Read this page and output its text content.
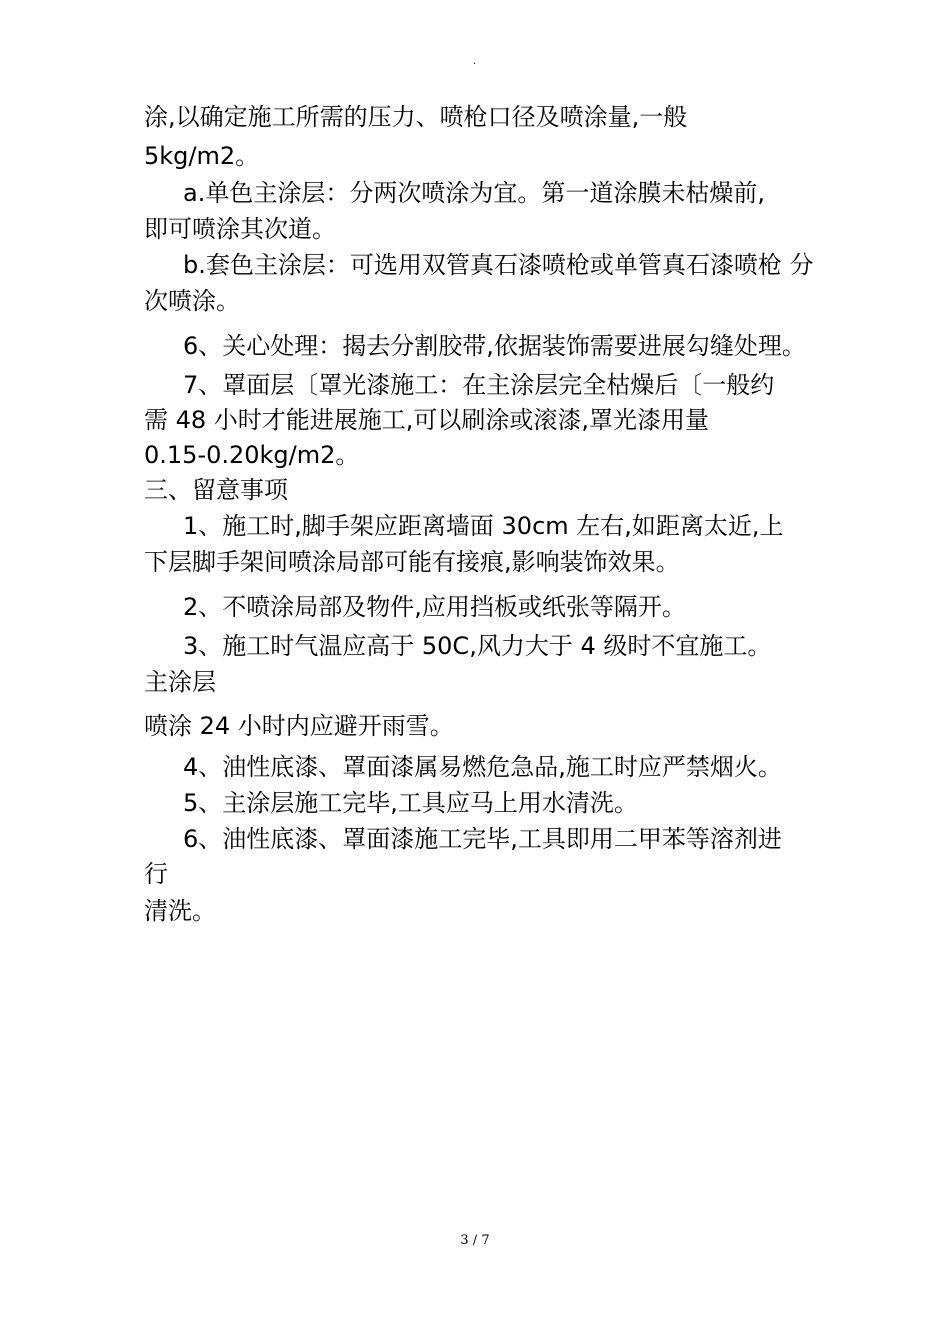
.
涂,以确定施工所需的压力、喷枪口径及喷涂量,一般
5kg/m2。
a.单色主涂层：分两次喷涂为宜。第一道涂膜未枯燥前,
即可喷涂其次道。
b.套色主涂层：可选用双管真石漆喷枪或单管真石漆喷枪 分
次喷涂。
6、关心处理：揭去分割胶带,依据装饰需要进展勾缝处理。
7、罩面层〔罩光漆施工：在主涂层完全枯燥后〔一般约
需 48 小时才能进展施工,可以刷涂或滚漆,罩光漆用量
0.15-0.20kg/m2。
三、留意事项
1、施工时,脚手架应距离墙面 30cm 左右,如距离太近,上
下层脚手架间喷涂局部可能有接痕,影响装饰效果。
2、不喷涂局部及物件,应用挡板或纸张等隔开。
3、施工时气温应高于 50C,风力大于 4 级时不宜施工。
主涂层
喷涂 24 小时内应避开雨雪。
4、油性底漆、罩面漆属易燃危急品,施工时应严禁烟火。
5、主涂层施工完毕,工具应马上用水清洗。
6、油性底漆、罩面漆施工完毕,工具即用二甲苯等溶剂进
行
清洗。
3 / 7
